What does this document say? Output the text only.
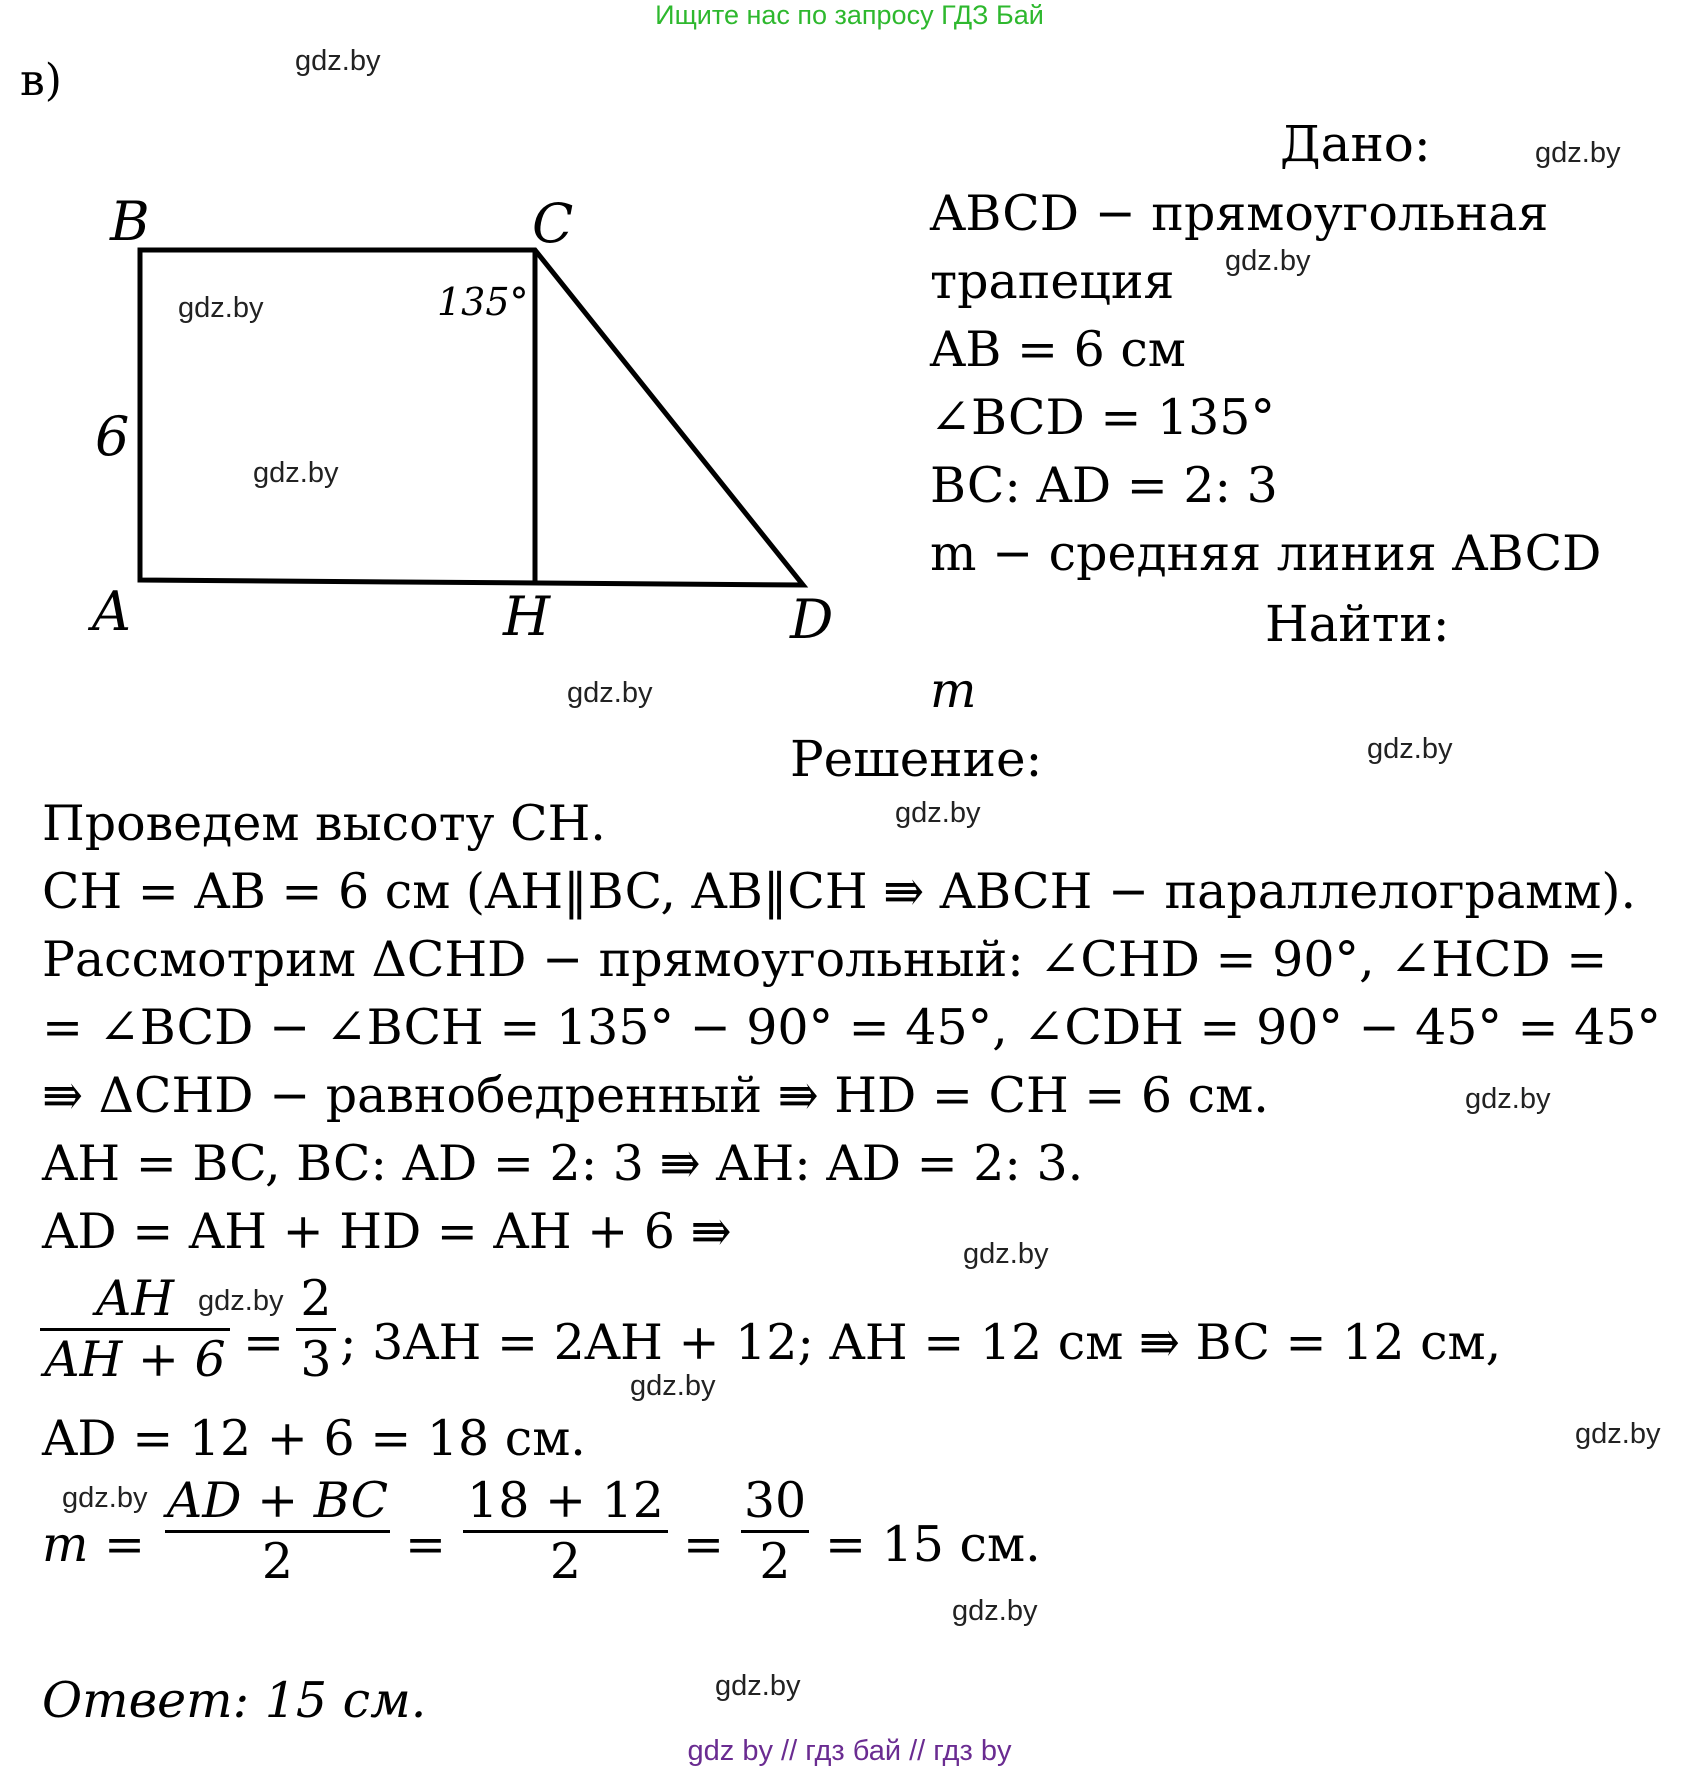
Ищите нас по запросу ГДЗ Бай
в)	gdz.by
gdz.by
gdz.by
gdz.by
gdz.by
gdz.by
gdz.by
gdz.by
gdz.by
gdz.by
gdz.by
gdz.by
gdz.by
gdz.by
gdz.by
gdz.by
B	C
A	H	D
135°
6
Дано:
ABCD − прямоугольная
трапеция
AB = 6 см
∠BCD = 135°
BC: AD = 2: 3
m − средняя линия ABCD
Найти:
m
Решение:
Проведем высоту CH.
CH = AB = 6 см (AH‖BC, AB‖CH ⇛ ABCH − параллелограмм).
Рассмотрим ΔCHD − прямоугольный: ∠CHD = 90°, ∠HCD =
= ∠BCD − ∠BCH = 135° − 90° = 45°, ∠CDH = 90° − 45° = 45°
⇛ ΔCHD − равнобедренный ⇛ HD = CH = 6 см.
AH = BC, BC: AD = 2: 3 ⇛ AH: AD = 2: 3.
AD = AH + HD = AH + 6 ⇛
AH
AH + 6 =
2
3 ; 3AH = 2AH + 12; AH = 12 см ⇛ BC = 12 см,
AD = 12 + 6 = 18 см.
m =
AD + BC
2	=
18 + 12
2	=
30
2 = 15 см.
Ответ: 15 см.
gdz by // гдз бай // гдз by
